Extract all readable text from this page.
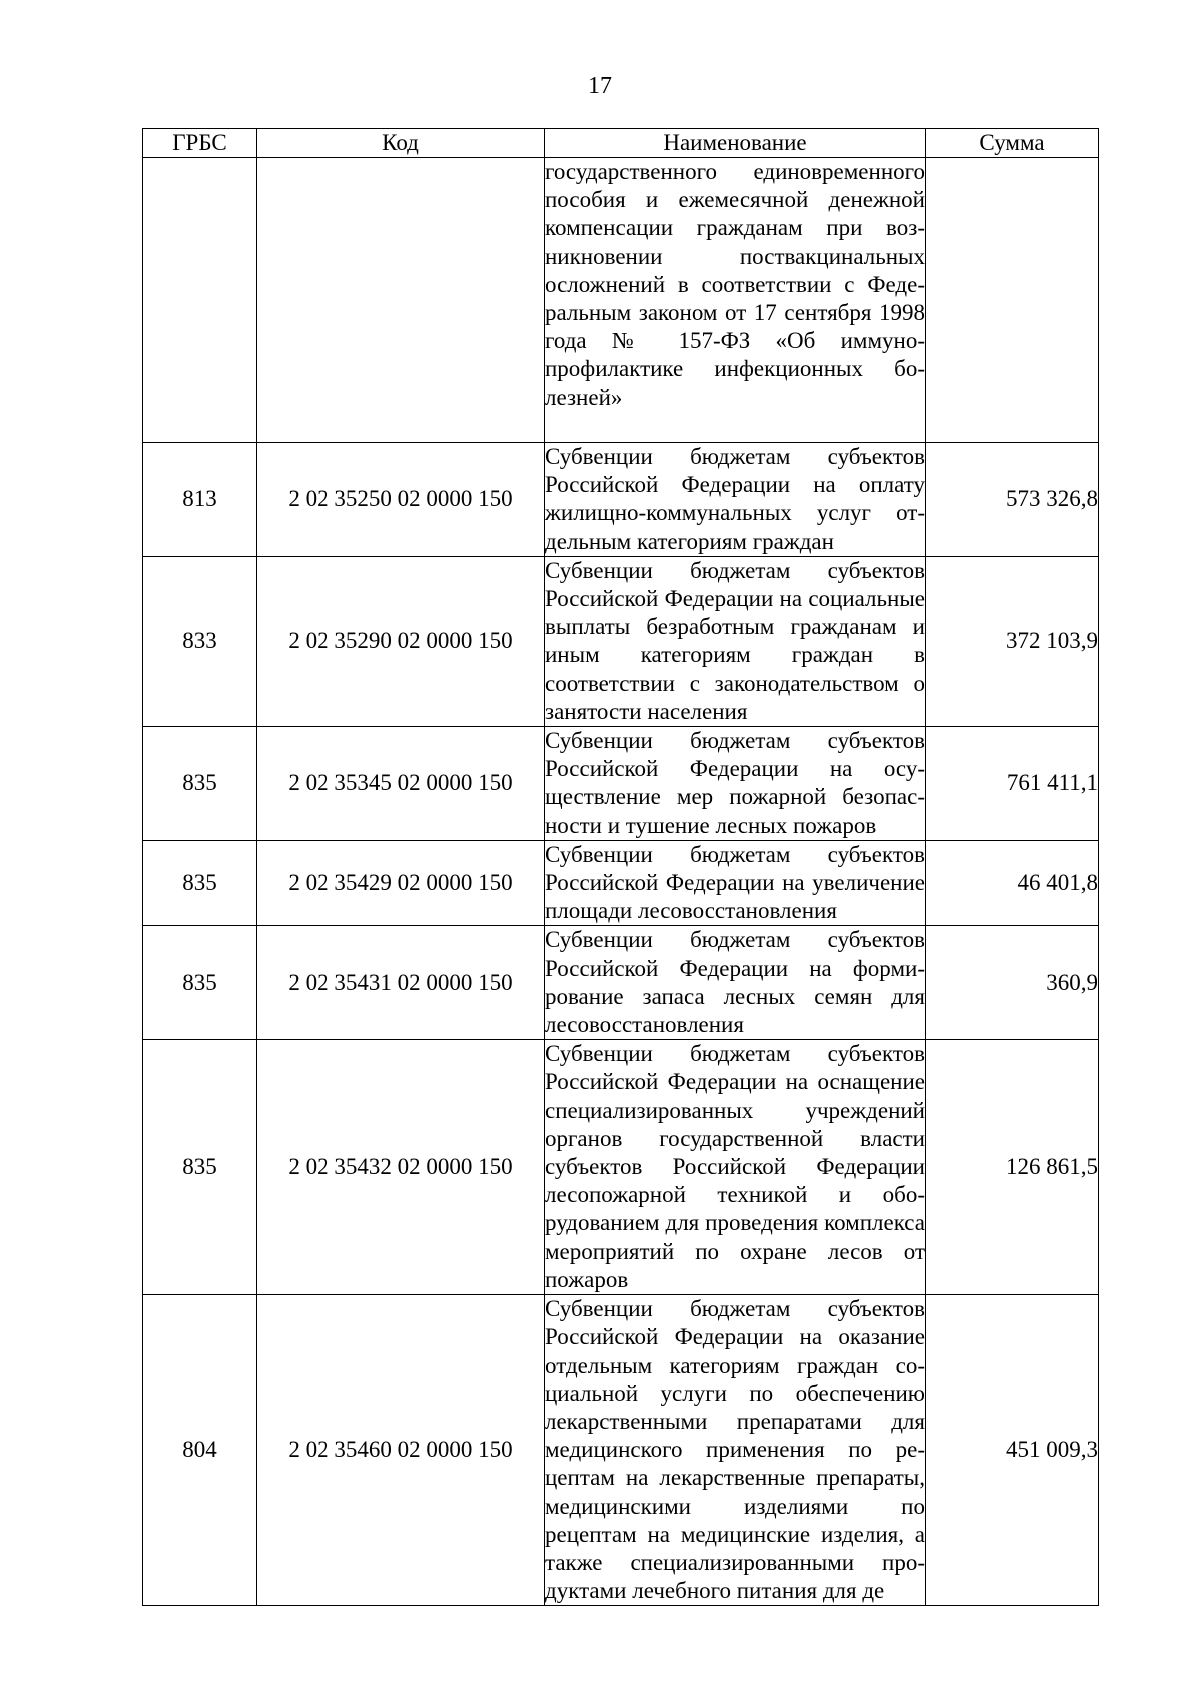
17
ГРБС	Код	Наименование	Сумма
		государственного единовременного пособия и ежемесячной денежной компенсации гражданам при возникновении поствакцинальных осложнений в соответствии с Федеральным законом от 17 сентября 1998 года № 157-ФЗ «Об иммунопрофилактике инфекционных болезней»	
813	2 02 35250 02 0000 150	Субвенции бюджетам субъектов Российской Федерации на оплату жилищно-коммунальных услуг отдельным категориям граждан	573 326,8
833	2 02 35290 02 0000 150	Субвенции бюджетам субъектов Российской Федерации на социальные выплаты безработным гражданам и иным категориям граждан в соответствии с законодательством о занятости населения	372 103,9
835	2 02 35345 02 0000 150	Субвенции бюджетам субъектов Российской Федерации на осуществление мер пожарной безопасности и тушение лесных пожаров	761 411,1
835	2 02 35429 02 0000 150	Субвенции бюджетам субъектов Российской Федерации на увеличение площади лесовосстановления	46 401,8
835	2 02 35431 02 0000 150	Субвенции бюджетам субъектов Российской Федерации на формирование запаса лесных семян для лесовосстановления	360,9
835	2 02 35432 02 0000 150	Субвенции бюджетам субъектов Российской Федерации на оснащение специализированных учреждений органов государственной власти субъектов Российской Федерации лесопожарной техникой и оборудованием для проведения комплекса мероприятий по охране лесов от пожаров	126 861,5
804	2 02 35460 02 0000 150	Субвенции бюджетам субъектов Российской Федерации на оказание отдельным категориям граждан социальной услуги по обеспечению лекарственными препаратами для медицинского применения по рецептам на лекарственные препараты, медицинскими изделиями по рецептам на медицинские изделия, а также специализированными продуктами лечебного питания для де	451 009,3
